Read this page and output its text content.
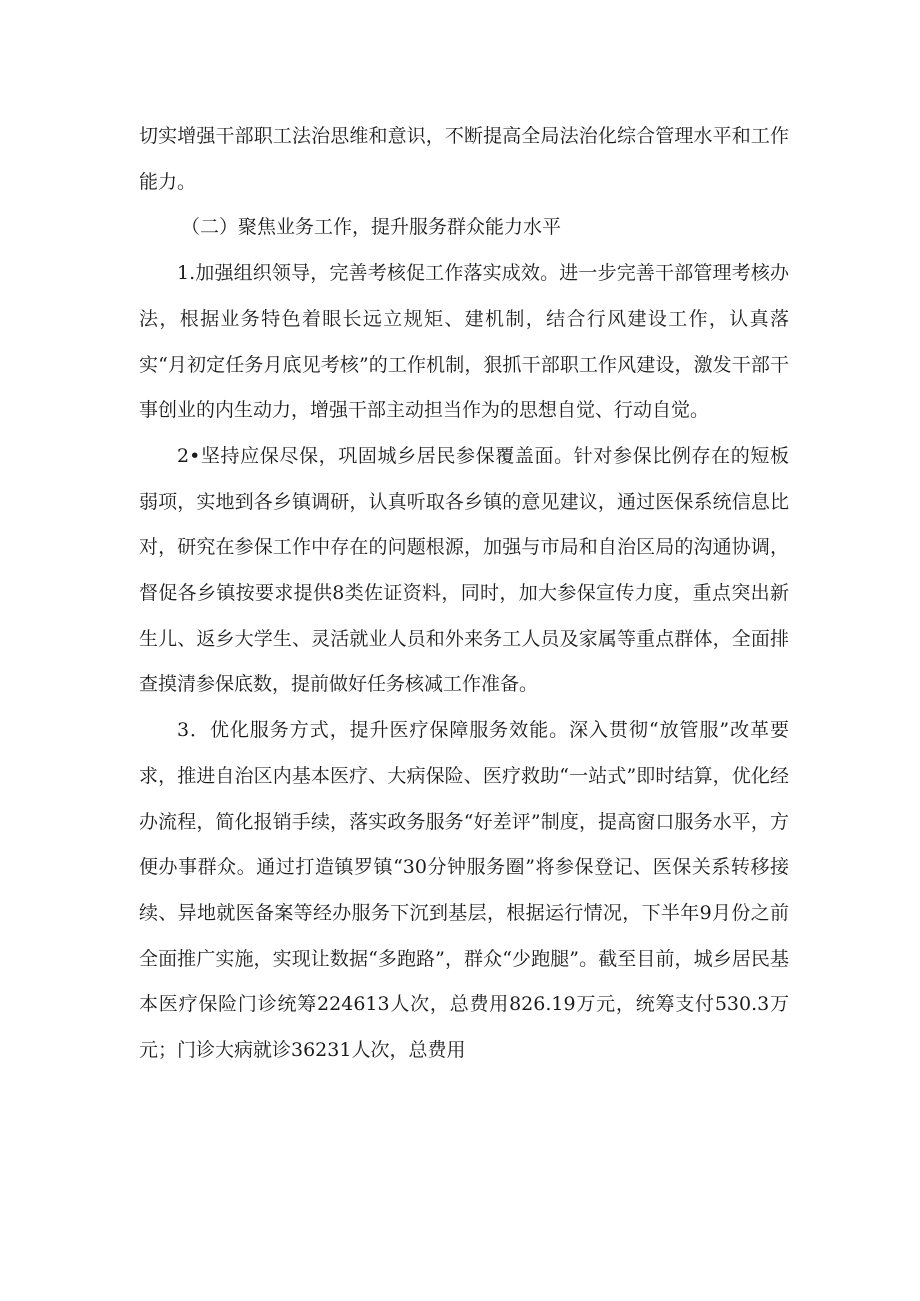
切实增强干部职工法治思维和意识，不断提高全局法治化综合管理水平和工作能力。

（二）聚焦业务工作，提升服务群众能力水平

1.加强组织领导，完善考核促工作落实成效。进一步完善干部管理考核办法，根据业务特色着眼长远立规矩、建机制，结合行风建设工作，认真落实“月初定任务月底见考核”的工作机制，狠抓干部职工作风建设，激发干部干事创业的内生动力，增强干部主动担当作为的思想自觉、行动自觉。

2•坚持应保尽保，巩固城乡居民参保覆盖面。针对参保比例存在的短板弱项，实地到各乡镇调研，认真听取各乡镇的意见建议，通过医保系统信息比对，研究在参保工作中存在的问题根源，加强与市局和自治区局的沟通协调，督促各乡镇按要求提供8类佐证资料，同时，加大参保宣传力度，重点突出新生儿、返乡大学生、灵活就业人员和外来务工人员及家属等重点群体，全面排查摸清参保底数，提前做好任务核减工作准备。

3．优化服务方式，提升医疗保障服务效能。深入贯彻“放管服”改革要求，推进自治区内基本医疗、大病保险、医疗救助“一站式”即时结算，优化经办流程，简化报销手续，落实政务服务“好差评”制度，提高窗口服务水平，方便办事群众。通过打造镇罗镇“30分钟服务圈”将参保登记、医保关系转移接续、异地就医备案等经办服务下沉到基层，根据运行情况，下半年9月份之前全面推广实施，实现让数据“多跑路”，群众“少跑腿”。截至目前，城乡居民基本医疗保险门诊统筹224613人次，总费用826.19万元，统筹支付530.3万元；门诊大病就诊36231人次，总费用
